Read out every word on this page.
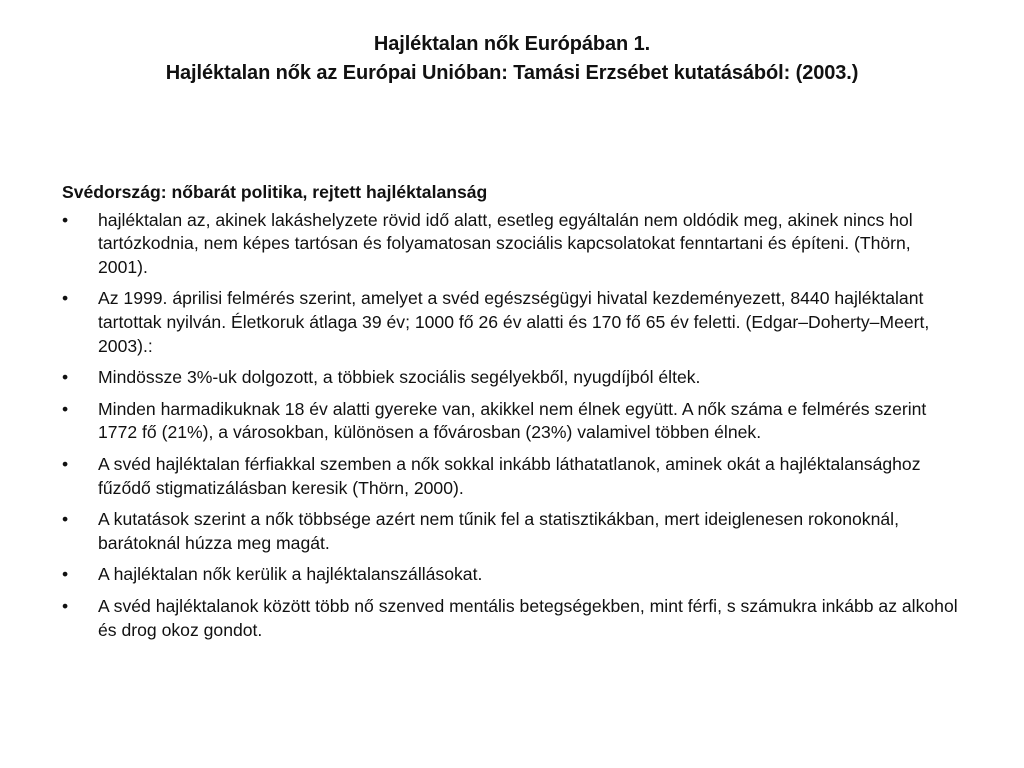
Hajléktalan nők Európában 1.
Hajléktalan nők az Európai Unióban: Tamási Erzsébet kutatásából: (2003.)
Svédország: nőbarát politika, rejtett hajléktalanság
•	hajléktalan az, akinek lakáshelyzete rövid idő alatt, esetleg egyáltalán nem oldódik meg, akinek nincs hol tartózkodnia, nem képes tartósan és folyamatosan szociális kapcsolatokat fenntartani és építeni. (Thörn, 2001).
•	Az 1999. áprilisi felmérés szerint, amelyet a svéd egészségügyi hivatal kezdeményezett, 8440 hajléktalant tartottak nyilván. Életkoruk átlaga 39 év; 1000 fő 26 év alatti és 170 fő 65 év feletti. (Edgar–Doherty–Meert, 2003).:
•	Mindössze 3%-uk dolgozott, a többiek szociális segélyekből, nyugdíjból éltek.
•	Minden harmadikuknak 18 év alatti gyereke van, akikkel nem élnek együtt. A nők száma e felmérés szerint 1772 fő (21%), a városokban, különösen a fővárosban (23%) valamivel többen élnek.
•	A svéd hajléktalan férfiakkal szemben a nők sokkal inkább láthatatlanok, aminek okát a hajléktalansághoz fűződő stigmatizálásban keresik (Thörn, 2000).
•	A kutatások szerint a nők többsége azért nem tűnik fel a statisztikákban, mert ideiglenesen rokonoknál, barátoknál húzza meg magát.
•	A hajléktalan nők kerülik a hajléktalanszállásokat.
•	A svéd hajléktalanok között több nő szenved mentális betegségekben, mint férfi, s számukra inkább az alkohol és drog okoz gondot.
